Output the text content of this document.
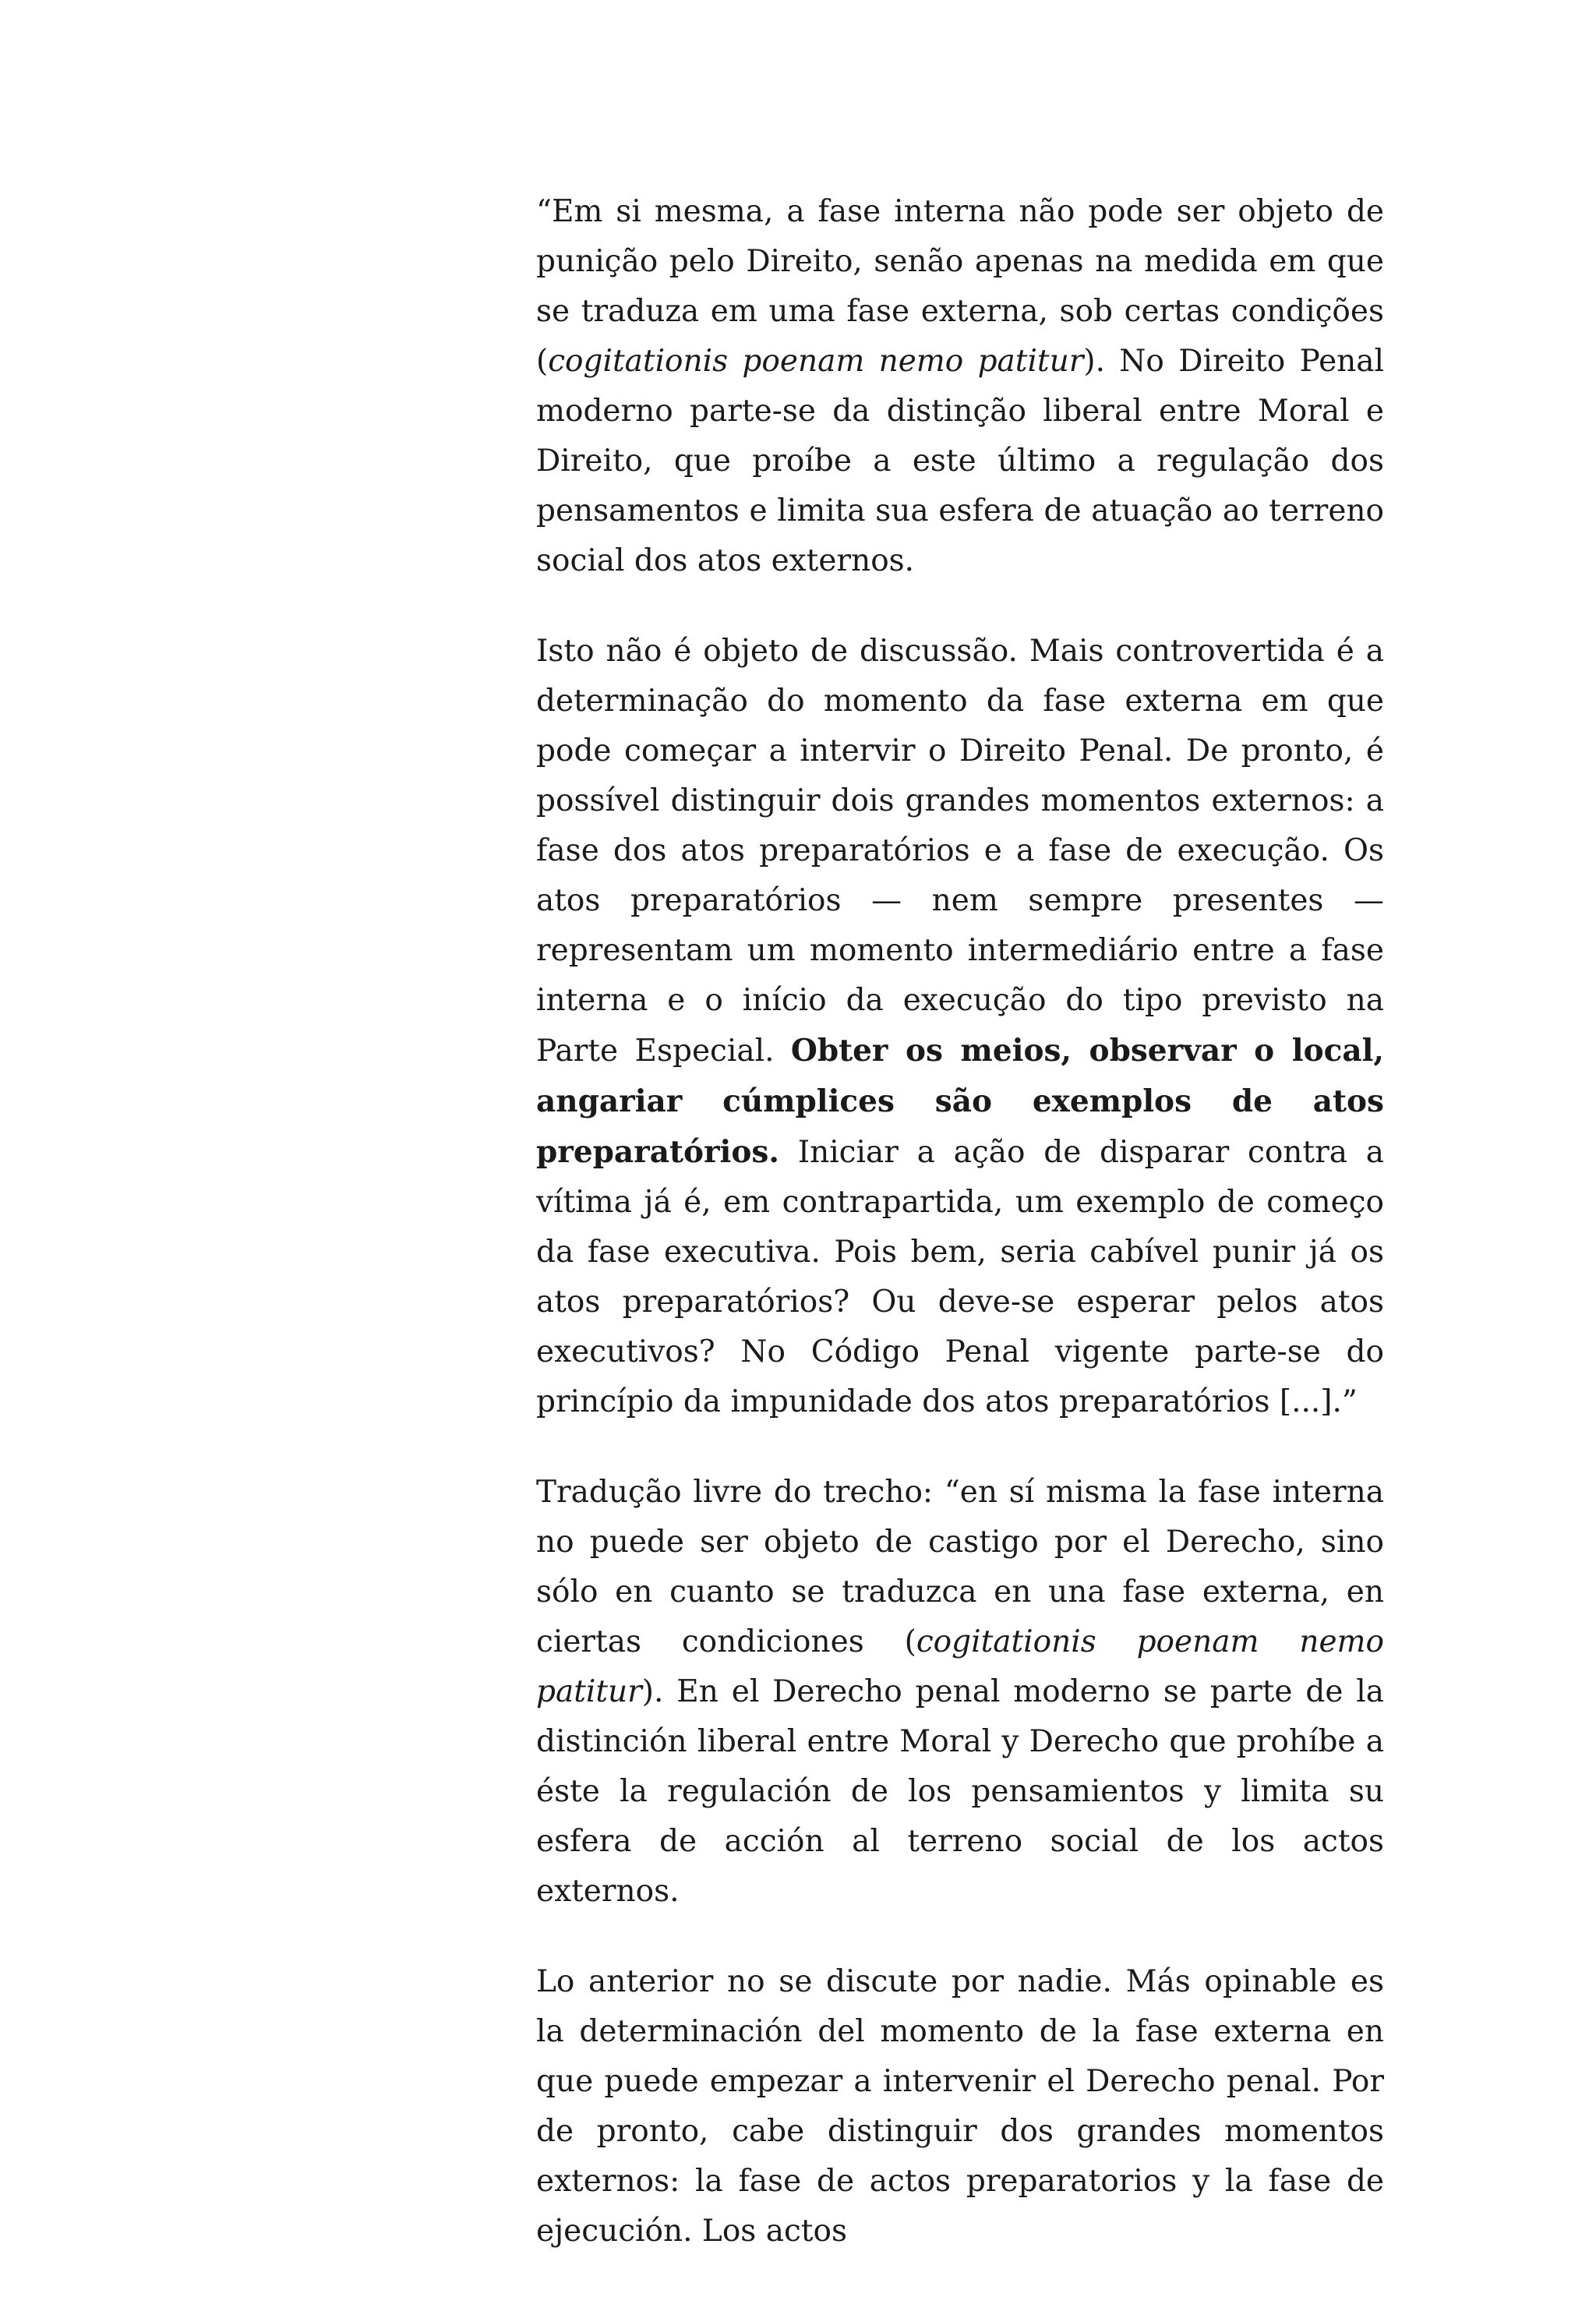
“Em si mesma, a fase interna não pode ser objeto de punição pelo Direito, senão apenas na medida em que se traduza em uma fase externa, sob certas condições (cogitationis poenam nemo patitur). No Direito Penal moderno parte-se da distinção liberal entre Moral e Direito, que proíbe a este último a regulação dos pensamentos e limita sua esfera de atuação ao terreno social dos atos externos.

Isto não é objeto de discussão. Mais controvertida é a determinação do momento da fase externa em que pode começar a intervir o Direito Penal. De pronto, é possível distinguir dois grandes momentos externos: a fase dos atos preparatórios e a fase de execução. Os atos preparatórios — nem sempre presentes — representam um momento intermediário entre a fase interna e o início da execução do tipo previsto na Parte Especial. Obter os meios, observar o local, angariar cúmplices são exemplos de atos preparatórios. Iniciar a ação de disparar contra a vítima já é, em contrapartida, um exemplo de começo da fase executiva. Pois bem, seria cabível punir já os atos preparatórios? Ou deve-se esperar pelos atos executivos? No Código Penal vigente parte-se do princípio da impunidade dos atos preparatórios [...].”

Tradução livre do trecho: “en sí misma la fase interna no puede ser objeto de castigo por el Derecho, sino sólo en cuanto se traduzca en una fase externa, en ciertas condiciones (cogitationis poenam nemo patitur). En el Derecho penal moderno se parte de la distinción liberal entre Moral y Derecho que prohíbe a éste la regulación de los pensamientos y limita su esfera de acción al terreno social de los actos externos.

Lo anterior no se discute por nadie. Más opinable es la determinación del momento de la fase externa en que puede empezar a intervenir el Derecho penal. Por de pronto, cabe distinguir dos grandes momentos externos: la fase de actos preparatorios y la fase de ejecución. Los actos
